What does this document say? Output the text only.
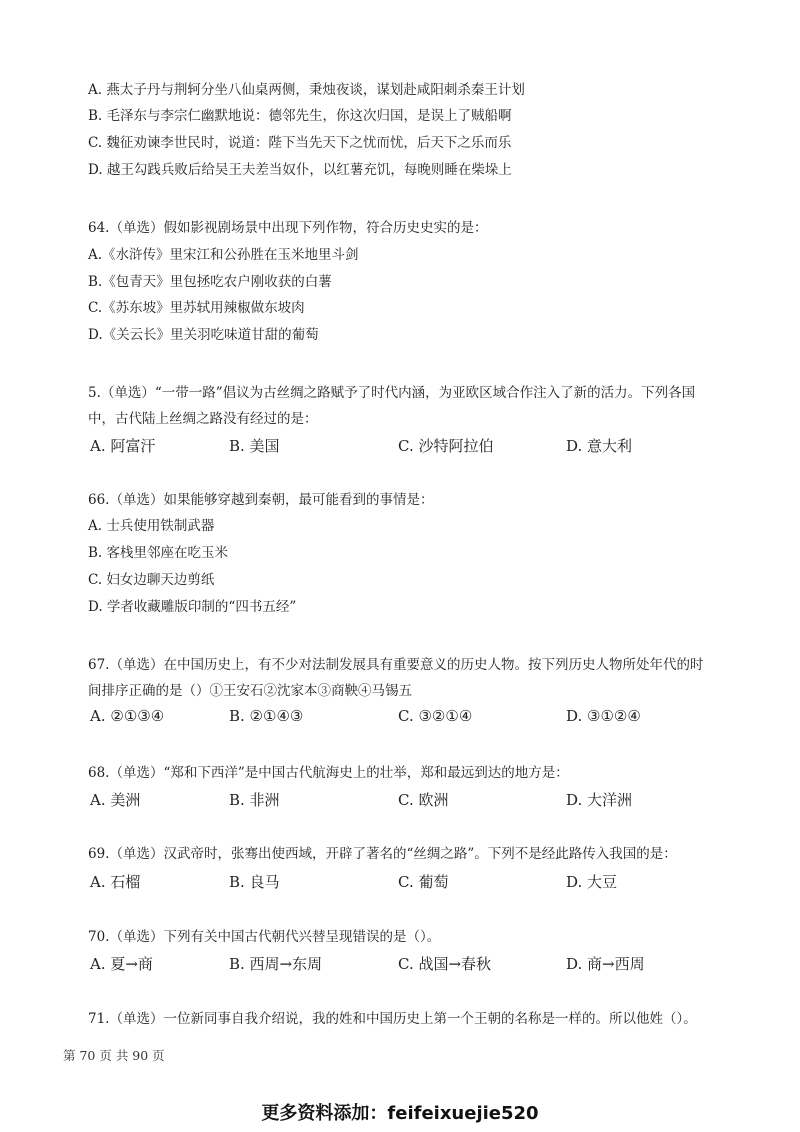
A. 燕太子丹与荆轲分坐八仙桌两侧，秉烛夜谈，谋划赴咸阳刺杀秦王计划
B. 毛泽东与李宗仁幽默地说：德邻先生，你这次归国，是误上了贼船啊
C. 魏征劝谏李世民时，说道：陛下当先天下之忧而忧，后天下之乐而乐
D. 越王勾践兵败后给吴王夫差当奴仆，以红薯充饥，每晚则睡在柴垛上
64.（单选）假如影视剧场景中出现下列作物，符合历史史实的是：
A.《水浒传》里宋江和公孙胜在玉米地里斗剑
B.《包青天》里包拯吃农户刚收获的白薯
C.《苏东坡》里苏轼用辣椒做东坡肉
D.《关云长》里关羽吃味道甘甜的葡萄
5.（单选）“一带一路”倡议为古丝绸之路赋予了时代内涵，为亚欧区域合作注入了新的活力。下列各国
中，古代陆上丝绸之路没有经过的是：
A. 阿富汗	B. 美国	C. 沙特阿拉伯	D. 意大利
66.（单选）如果能够穿越到秦朝，最可能看到的事情是：
A. 士兵使用铁制武器
B. 客栈里邻座在吃玉米
C. 妇女边聊天边剪纸
D. 学者收藏雕版印制的“四书五经”
67.（单选）在中国历史上，有不少对法制发展具有重要意义的历史人物。按下列历史人物所处年代的时
间排序正确的是（）①王安石②沈家本③商鞅④马锡五
A. ②①③④	B. ②①④③	C. ③②①④	D. ③①②④
68.（单选）“郑和下西洋”是中国古代航海史上的壮举，郑和最远到达的地方是：
A. 美洲	B. 非洲	C. 欧洲	D. 大洋洲
69.（单选）汉武帝时，张骞出使西域，开辟了著名的“丝绸之路”。下列不是经此路传入我国的是：
A. 石榴	B. 良马	C. 葡萄	D. 大豆
70.（单选）下列有关中国古代朝代兴替呈现错误的是（）。
A. 夏→商	B. 西周→东周	C. 战国→春秋	D. 商→西周
71.（单选）一位新同事自我介绍说，我的姓和中国历史上第一个王朝的名称是一样的。所以他姓（）。
第 70 页 共 90 页
更多资料添加：feifeixuejie520
